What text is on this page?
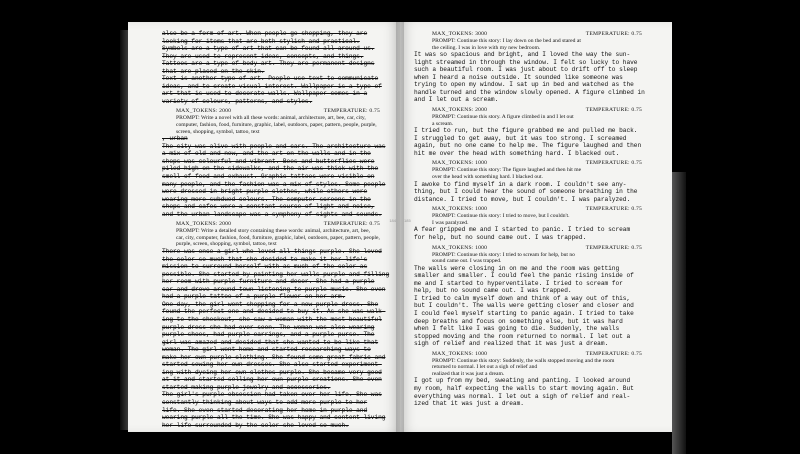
also be a form of art. When people go shopping, they are
looking for items that are both stylish and practical.
Symbols are a type of art that can be found all around us.
They are used to represent ideas, concepts, and things.
Tattoos are a type of body art. They are permanent designs
that are placed on the skin.
Text is another type of art. People use text to communicate
ideas, and to create visual interest. Wallpaper is a type of
art that is used to decorate walls. Wallpaper comes in a
variety of colours, patterns, and styles.
MAX_TOKENS: 2000	TEMPERATURE: 0.75
PROMPT: Write a novel with all these words: animal, architecture, art, bee, car, city,
computer, fashion, food, furniture, graphic, label, outdoors, paper, pattern, people, purple,
screen, shopping, symbol, tattoo, text
, urban
The city was alive with people and cars. The architecture was
a mix of old and new, and the art on the walls and in the
shops was colourful and vibrant. Bees and butterflies were
piled high on the sidewalks, and the air was thick with the
smell of food and exhaust. Graphic tattoos were visible on
many people, and the fashion was a mix of styles. Some people
were dressed in bright purple clothes, while others were
wearing more subdued colours. The computer screens in the
shops and cafes were a constant source of light and noise,
and the urban landscape was a symphony of sights and sounds.
MAX_TOKENS: 2000	TEMPERATURE: 0.75
PROMPT: Write a detailed story containing these words: animal, architecture, art, bee,
car, city, computer, fashion, food, furniture, graphic, label, outdoors, paper, pattern, people,
purple, screen, shopping, symbol, tattoo, text
There was once a girl who loved all things purple. She loved
the color so much that she decided to make it her life's
mission to surround herself with as much of the color as
possible. She started by painting her walls purple and filling
her room with purple furniture and decor. She had a purple
car and drove around town listening to purple music. She even
had a purple tattoo of a purple flower on her arm.
One day, the girl went shopping for a new purple dress. She
found the perfect one and decided to buy it. As she was walk-
ing to the checkout, she saw a woman with the most beautiful
purple dress she had ever seen. The woman was also wearing
purple shoes, had purple earrings, and a purple purse. The
girl was amazed and decided that she wanted to be like that
woman. The girl went home and started researching ways to
make her own purple clothing. She found some great fabric and
started sewing her own dresses. She also started experiment-
ing with dyeing her own clothes purple. She became very good
at it and started selling her own purple creations. She even
started making purple jewelry and accessories.
The girl's purple obsession had taken over her life. She was
constantly thinking about ways to add more purple to her
life. She even started decorating her home in purple and
wearing purple all the time. She was happy and content living
her life surrounded by the color she loved so much.
184
MAX_TOKENS: 3000	TEMPERATURE: 0.75
PROMPT: Continue this story: I lay down on the bed and stared at
the ceiling. I was in love with my new bedroom.
It was so spacious and bright, and I loved the way the sun-
light streamed in through the window. I felt so lucky to have
such a beautiful room. I was just about to drift off to sleep
when I heard a noise outside. It sounded like someone was
trying to open my window. I sat up in bed and watched as the
handle turned and the window slowly opened. A figure climbed in
and I let out a scream.
MAX_TOKENS: 2000	TEMPERATURE: 0.75
PROMPT: Continue this story. A figure climbed in and I let out
a scream.
I tried to run, but the figure grabbed me and pulled me back.
I struggled to get away, but it was too strong. I screamed
again, but no one came to help me. The figure laughed and then
hit me over the head with something hard. I blacked out.
MAX_TOKENS: 1000	TEMPERATURE: 0.75
PROMPT: Continue this story: The figure laughed and then hit me
over the head with something hard. I blacked out.
I awoke to find myself in a dark room. I couldn't see any-
thing, but I could hear the sound of someone breathing in the
distance. I tried to move, but I couldn't. I was paralyzed.
MAX_TOKENS: 1000	TEMPERATURE: 0.75
PROMPT: Continue this story: I tried to move, but I couldn't.
I was paralyzed.
A fear gripped me and I started to panic. I tried to scream
for help, but no sound came out. I was trapped.
MAX_TOKENS: 1000	TEMPERATURE: 0.75
PROMPT: Continue this story: I tried to scream for help, but no
sound came out. I was trapped.
The walls were closing in on me and the room was getting
smaller and smaller. I could feel the panic rising inside of
me and I started to hyperventilate. I tried to scream for
help, but no sound came out. I was trapped.
I tried to calm myself down and think of a way out of this,
but I couldn't. The walls were getting closer and closer and
I could feel myself starting to panic again. I tried to take
deep breaths and focus on something else, but it was hard
when I felt like I was going to die. Suddenly, the walls
stopped moving and the room returned to normal. I let out a
sigh of relief and realized that it was just a dream.
MAX_TOKENS: 1000	TEMPERATURE: 0.75
PROMPT: Continue this story: Suddenly, the walls stopped moving and the room
returned to normal. I let out a sigh of relief and
realized that it was just a dream.
I got up from my bed, sweating and panting. I looked around
my room, half expecting the walls to start moving again. But
everything was normal. I let out a sigh of relief and real-
ized that it was just a dream.
185
